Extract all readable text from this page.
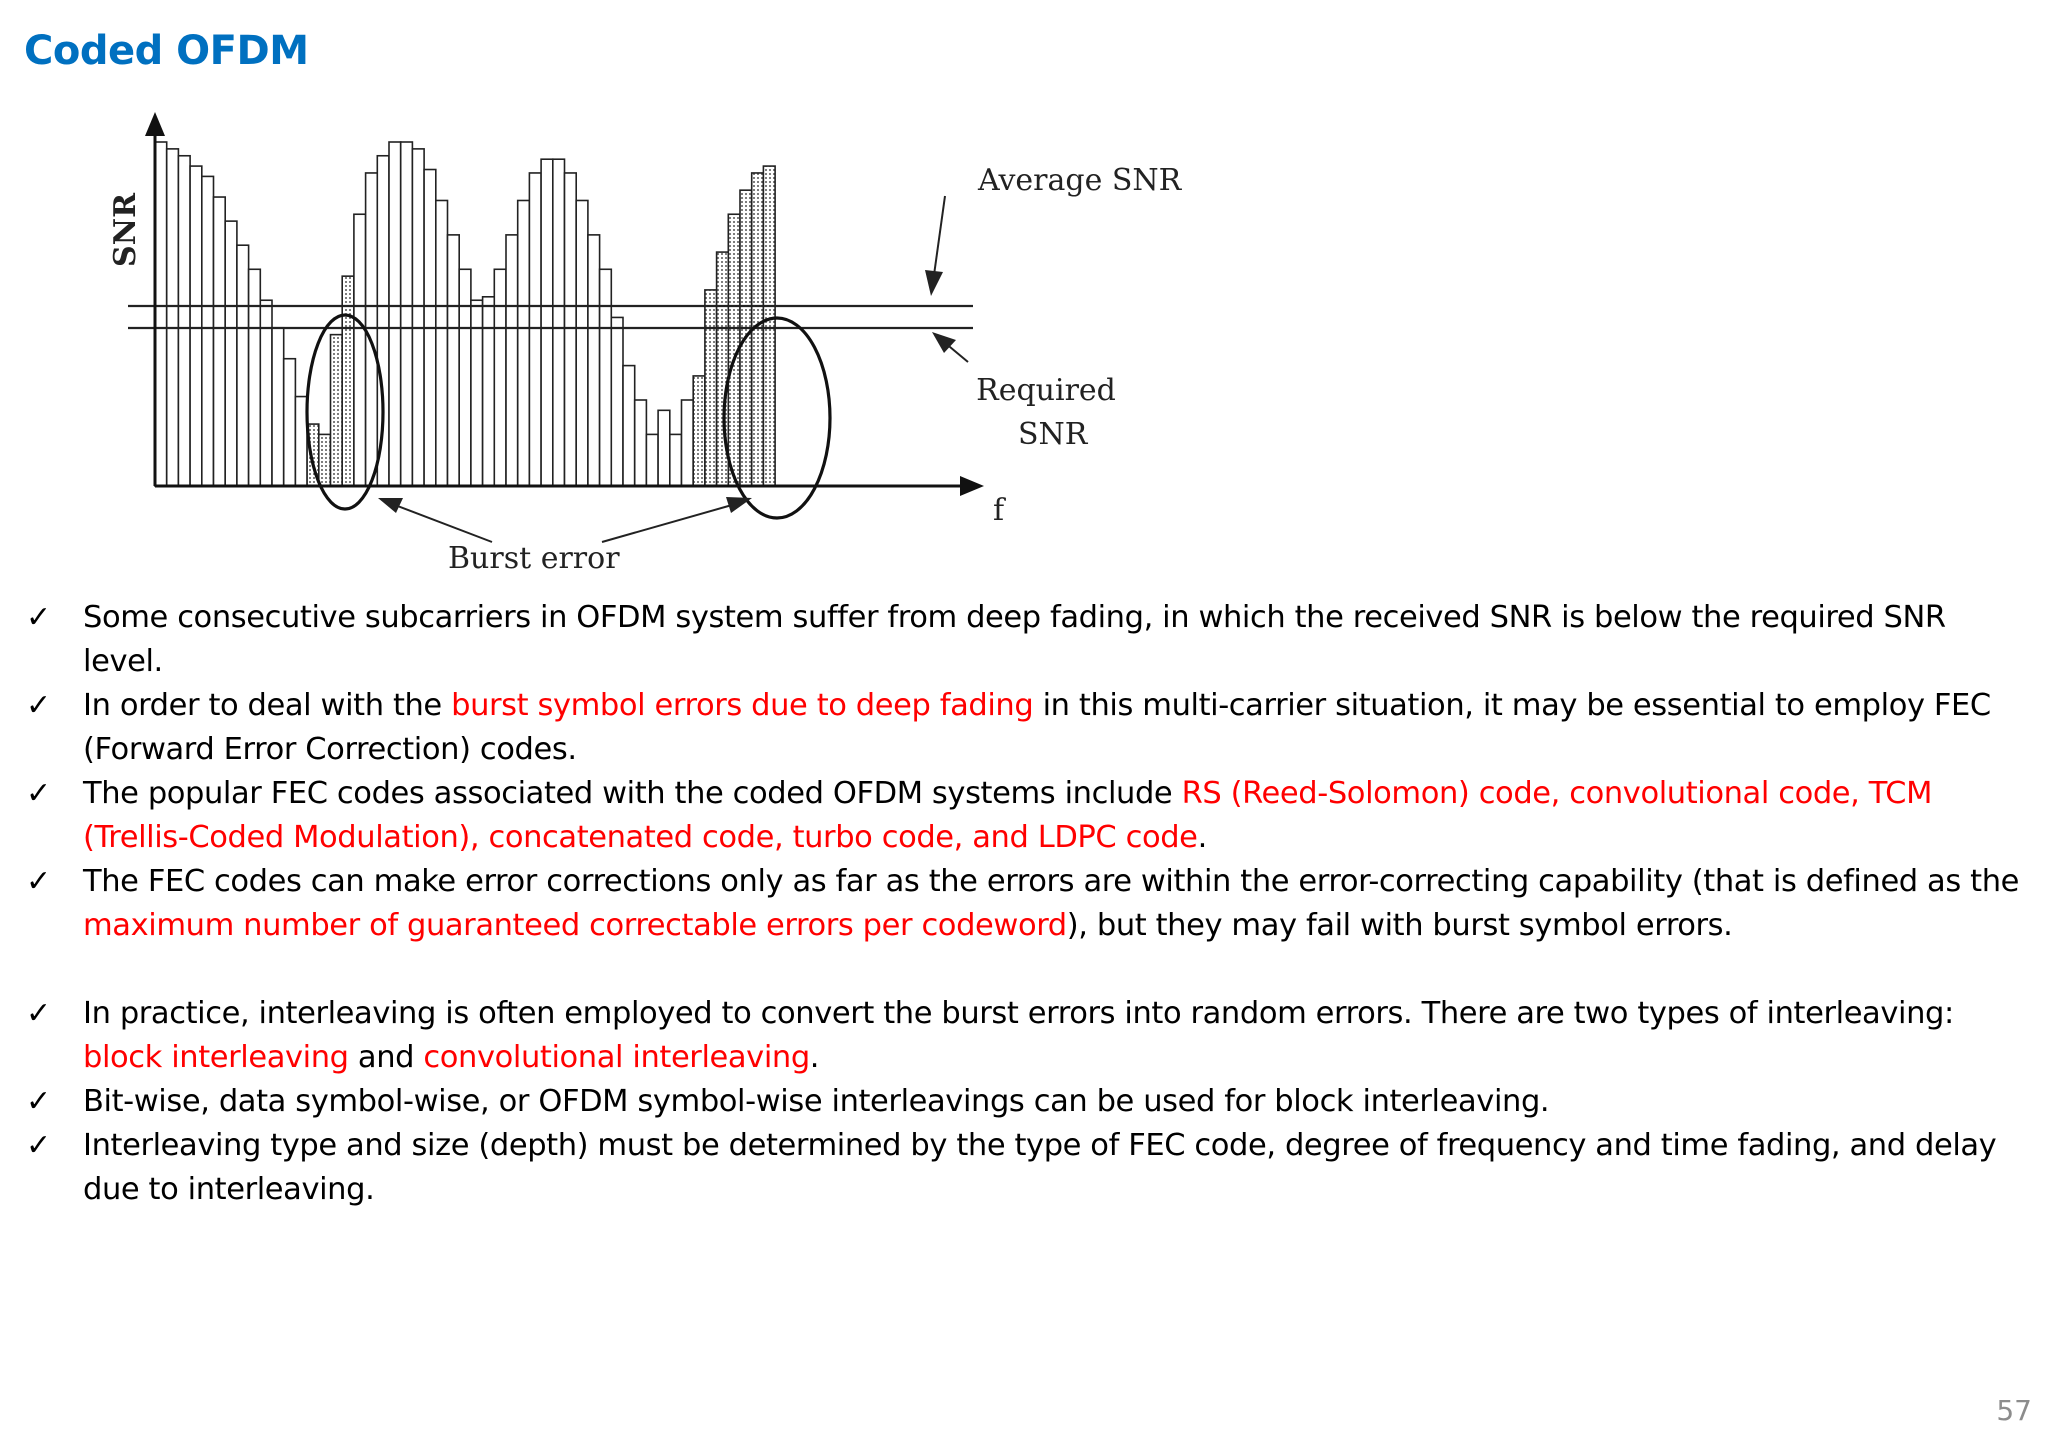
Coded OFDM
SNR
Average SNR
Required
SNR
f
Burst error
✓ Some consecutive subcarriers in OFDM system suffer from deep fading, in which the received SNR is below the required SNR level.
✓ In order to deal with the burst symbol errors due to deep fading in this multi-carrier situation, it may be essential to employ FEC (Forward Error Correction) codes.
✓ The popular FEC codes associated with the coded OFDM systems include RS (Reed-Solomon) code, convolutional code, TCM (Trellis-Coded Modulation), concatenated code, turbo code, and LDPC code.
✓ The FEC codes can make error corrections only as far as the errors are within the error-correcting capability (that is defined as the maximum number of guaranteed correctable errors per codeword), but they may fail with burst symbol errors.
✓ In practice, interleaving is often employed to convert the burst errors into random errors. There are two types of interleaving: block interleaving and convolutional interleaving.
✓ Bit-wise, data symbol-wise, or OFDM symbol-wise interleavings can be used for block interleaving.
✓ Interleaving type and size (depth) must be determined by the type of FEC code, degree of frequency and time fading, and delay due to interleaving.
57
